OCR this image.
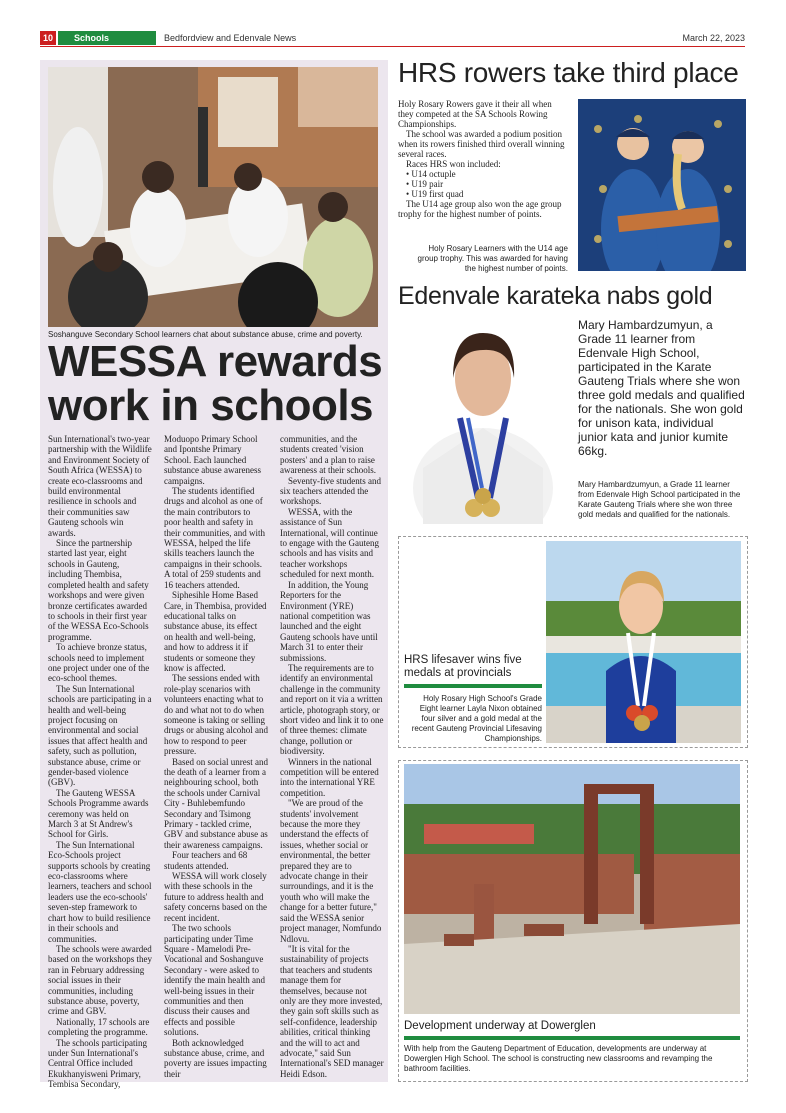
10	Schools	Bedfordview and Edenvale News	March 22, 2023
Soshanguve Secondary School learners chat about substance abuse, crime and poverty.
WESSA rewards
work in schools

Sun International's two-year partnership with the Wildlife and Environment Society of South Africa (WESSA) to create eco-classrooms and build environmental resilience in schools and their communities saw Gauteng schools win awards.

Since the partnership started last year, eight schools in Gauteng, including Thembisa, completed health and safety workshops and were given bronze certificates awarded to schools in their first year of the WESSA Eco-Schools programme.

To achieve bronze status, schools need to implement one project under one of the eco-school themes.

The Sun International schools are participating in a health and well-being project focusing on environmental and social issues that affect health and safety, such as pollution, substance abuse, crime or gender-based violence (GBV).

The Gauteng WESSA Schools Programme awards ceremony was held on March 3 at St Andrew's School for Girls.

The Sun International Eco-Schools project supports schools by creating eco-classrooms where learners, teachers and school leaders use the eco-schools' seven-step framework to chart how to build resilience in their schools and communities.

The schools were awarded based on the workshops they ran in February addressing social issues in their communities, including substance abuse, poverty, crime and GBV.

Nationally, 17 schools are completing the programme.

The schools participating under Sun International's Central Office included Ekukhanyisweni Primary, Tembisa Secondary,

Moduopo Primary School and Ipontshe Primary School. Each launched substance abuse awareness campaigns.

The students identified drugs and alcohol as one of the main contributors to poor health and safety in their communities, and with WESSA, helped the life skills teachers launch the campaigns in their schools. A total of 259 students and 16 teachers attended.

Siphesihle Home Based Care, in Thembisa, provided educational talks on substance abuse, its effect on health and well-being, and how to address it if students or someone they know is affected.

The sessions ended with role-play scenarios with volunteers enacting what to do and what not to do when someone is taking or selling drugs or abusing alcohol and how to respond to peer pressure.

Based on social unrest and the death of a learner from a neighbouring school, both the schools under Carnival City - Buhlebemfundo Secondary and Tsimong Primary - tackled crime, GBV and substance abuse as their awareness campaigns.

Four teachers and 68 students attended.

WESSA will work closely with these schools in the future to address health and safety concerns based on the recent incident.

The two schools participating under Time Square - Mamelodi Pre-Vocational and Soshanguve Secondary - were asked to identify the main health and well-being issues in their communities and then discuss their causes and effects and possible solutions.

Both acknowledged substance abuse, crime, and poverty are issues impacting their

communities, and the students created 'vision posters' and a plan to raise awareness at their schools.

Seventy-five students and six teachers attended the workshops.

WESSA, with the assistance of Sun International, will continue to engage with the Gauteng schools and has visits and teacher workshops scheduled for next month.

In addition, the Young Reporters for the Environment (YRE) national competition was launched and the eight Gauteng schools have until March 31 to enter their submissions.

The requirements are to identify an environmental challenge in the community and report on it via a written article, photograph story, or short video and link it to one of three themes: climate change, pollution or biodiversity.

Winners in the national competition will be entered into the international YRE competition.

"We are proud of the students' involvement because the more they understand the effects of issues, whether social or environmental, the better prepared they are to advocate change in their surroundings, and it is the youth who will make the change for a better future," said the WESSA senior project manager, Nomfundo Ndlovu.

"It is vital for the sustainability of projects that teachers and students manage them for themselves, because not only are they more invested, they gain soft skills such as self-confidence, leadership abilities, critical thinking and the will to act and advocate," said Sun International's SED manager Heidi Edson.

HRS rowers take third place

Holy Rosary Rowers gave it their all when they competed at the SA Schools Rowing Championships.

The school was awarded a podium position when its rowers finished third overall winning several races.

Races HRS won included:

• U14 octuple

• U19 pair

• U19 first quad

The U14 age group also won the age group trophy for the highest number of points.

Holy Rosary Learners with the U14 age
group trophy. This was awarded for having
the highest number of points.
Edenvale karateka nabs gold
Mary Hambardzumyun, a Grade 11 learner from Edenvale High School, participated in the Karate Gauteng Trials where she won three gold medals and qualified for the nationals. She won gold for unison kata, individual junior kata and junior kumite 66kg.
Mary Hambardzumyun, a Grade 11 learner from Edenvale High School participated in the Karate Gauteng Trials where she won three gold medals and qualified for the nationals.
HRS lifesaver wins five
medals at provincials
Holy Rosary High School's Grade
Eight learner Layla Nixon obtained
four silver and a gold medal at the
recent Gauteng Provincial Lifesaving
Championships.
Development underway at Dowerglen
With help from the Gauteng Department of Education, developments are underway at Dowerglen High School. The school is constructing new classrooms and revamping the bathroom facilities.
